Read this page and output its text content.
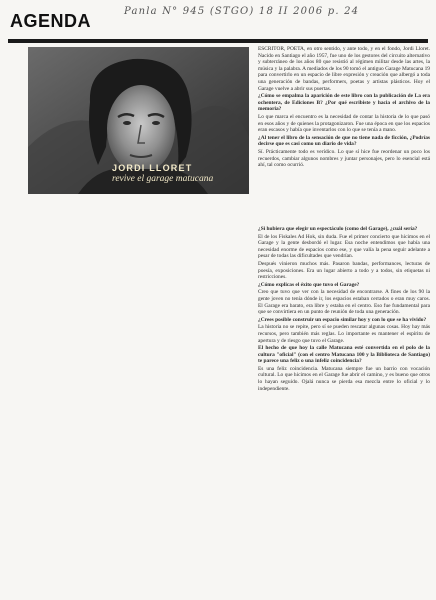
AGENDA	Panla N° 945 (STGO) 18 II 2006 p. 24
JORDI LLORET
revive el garage matucana

ESCRITOR, POETA, en otro sentido, y ante todo, y en el fondo, Jordi Lloret. Nacido en Santiago el año 1957, fue uno de los gestores del circuito alternativo y subterráneo de los años 80 que resistió al régimen militar desde las artes, la música y la palabra. A mediados de los 90 tomó el antiguo Garage Matucana 19 para convertirlo en un espacio de libre expresión y creación que albergó a toda una generación de bandas, performers, poetas y artistas plásticos. Hoy el Garage vuelve a abrir sus puertas.

¿Cómo se empalma la aparición de este libro con la publicación de La era ochentera, de Ediciones B? ¿Por qué escribiste y hacia el archivo de la memoria?

Lo que marca el encuentro es la necesidad de contar la historia de lo que pasó en esos años y de quienes la protagonizaron. Fue una época en que los espacios eran escasos y había que inventarlos con lo que se tenía a mano.

¿Al tener el libro de la sensación de que no tiene nada de ficción, ¿Podrías decirse que es casi como un diario de vida?

Sí. Prácticamente todo es verídico. Lo que sí hice fue reordenar un poco los recuerdos, cambiar algunos nombres y juntar personajes, pero lo esencial está ahí, tal como ocurrió.

¿Si hubiera que elegir un espectáculo (como del Garage), ¿cuál sería?

El de los Fiskales Ad Hok, sin duda. Fue el primer concierto que hicimos en el Garage y la gente desbordó el lugar. Esa noche entendimos que había una necesidad enorme de espacios como ese, y que valía la pena seguir adelante a pesar de todas las dificultades que vendrían.

Después vinieron muchos más. Pasaron bandas, performances, lecturas de poesía, exposiciones. Era un lugar abierto a todo y a todos, sin etiquetas ni restricciones.

¿Cómo explicas el éxito que tuvo el Garage?

Creo que tuvo que ver con la necesidad de encontrarse. A fines de los 90 la gente joven no tenía dónde ir, los espacios estaban cerrados o eran muy caros. El Garage era barato, era libre y estaba en el centro. Eso fue fundamental para que se convirtiera en un punto de reunión de toda una generación.

¿Crees posible construir un espacio similar hoy y con lo que se ha vivido?

La historia no se repite, pero sí se pueden rescatar algunas cosas. Hoy hay más recursos, pero también más reglas. Lo importante es mantener el espíritu de apertura y de riesgo que tuvo el Garage.

El hecho de que hoy la calle Matucana esté convertida en el polo de la cultura "oficial" (con el centro Matucana 100 y la Biblioteca de Santiago) te parece una feliz o una infeliz coincidencia?

Es una feliz coincidencia. Matucana siempre fue un barrio con vocación cultural. Lo que hicimos en el Garage fue abrir el camino, y es bueno que otros lo hayan seguido. Ojalá nunca se pierda esa mezcla entre lo oficial y lo independiente.
